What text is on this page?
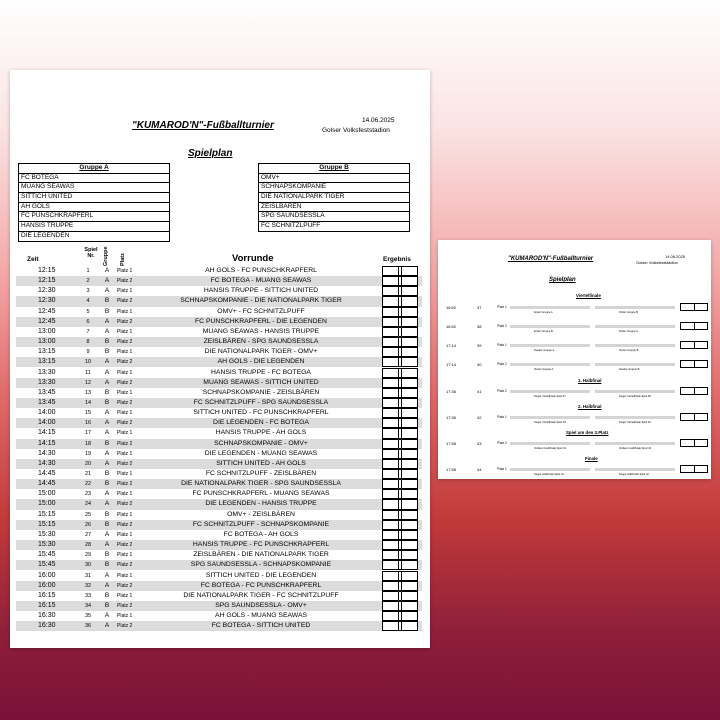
"KUMAROD'N"-Fußballturnier	14.06.2025
Golser Volksfeststadion
Spielplan
Gruppe A
FC BOTEGA
MUANG SEAWAS
SITTICH UNITED
AH GOLS
FC PUNSCHKRAPFERL
HANSIS TRUPPE
DIE LEGENDEN
Gruppe B
OMV+
SCHNAPSKOMPANIE
DIE NATIONALPARK TIGER
ZEISLBÄREN
SPG SAUNDSESSLA
FC SCHNITZLPUFF
Zeit
Spiel Nr.	Gruppe Platz	Vorrunde	Ergebnis
12:15	1	A	Platz 1	AH GOLS - FC PUNSCHKRAPFERL
12:15	2	A	Platz 2	FC BOTEGA - MUANG SEAWAS
12:30	3	A	Platz 1	HANSIS TRUPPE - SITTICH UNITED
12:30	4	B	Platz 2	SCHNAPSKOMPANIE - DIE NATIONALPARK TIGER
12:45	5	B	Platz 1	OMV+ - FC SCHNITZLPUFF
12:45	6	A	Platz 2	FC PUNSCHKRAPFERL - DIE LEGENDEN
13:00	7	A	Platz 1	MUANG SEAWAS - HANSIS TRUPPE
13:00	8	B	Platz 2	ZEISLBÄREN - SPG SAUNDSESSLA
13:15	9	B	Platz 1	DIE NATIONALPARK TIGER - OMV+
13:15	10	A	Platz 2	AH GOLS - DIE LEGENDEN
13:30	11	A	Platz 1	HANSIS TRUPPE - FC BOTEGA
13:30	12	A	Platz 2	MUANG SEAWAS - SITTICH UNITED
13:45	13	B	Platz 1	SCHNAPSKOMPANIE - ZEISLBÄREN
13:45	14	B	Platz 2	FC SCHNITZLPUFF - SPG SAUNDSESSLA
14:00	15	A	Platz 1	SITTICH UNITED - FC PUNSCHKRAPFERL
14:00	16	A	Platz 2	DIE LEGENDEN - FC BOTEGA
14:15	17	A	Platz 1	HANSIS TRUPPE - AH GOLS
14:15	18	B	Platz 2	SCHNAPSKOMPANIE - OMV+
14:30	19	A	Platz 1	DIE LEGENDEN - MUANG SEAWAS
14:30	20	A	Platz 2	SITTICH UNITED - AH GOLS
14:45	21	B	Platz 1	FC SCHNITZLPUFF - ZEISLBÄREN
14:45	22	B	Platz 2	DIE NATIONALPARK TIGER - SPG SAUNDSESSLA
15:00	23	A	Platz 1	FC PUNSCHKRAPFERL - MUANG SEAWAS
15:00	24	A	Platz 2	DIE LEGENDEN - HANSIS TRUPPE
15:15	25	B	Platz 1	OMV+ - ZEISLBÄREN
15:15	26	B	Platz 2	FC SCHNITZLPUFF - SCHNAPSKOMPANIE
15:30	27	A	Platz 1	FC BOTEGA - AH GOLS
15:30	28	A	Platz 2	HANSIS TRUPPE - FC PUNSCHKRAPFERL
15:45	29	B	Platz 1	ZEISLBÄREN - DIE NATIONALPARK TIGER
15:45	30	B	Platz 2	SPG SAUNDSESSLA - SCHNAPSKOMPANIE
16:00	31	A	Platz 1	SITTICH UNITED - DIE LEGENDEN
16:00	32	A	Platz 2	FC BOTEGA - FC PUNSCHKRAPFERL
16:15	33	B	Platz 1	DIE NATIONALPARK TIGER - FC SCHNITZLPUFF
16:15	34	B	Platz 2	SPG SAUNDSESSLA - OMV+
16:30	35	A	Platz 1	AH GOLS - MUANG SEAWAS
16:30	36	A	Platz 2	FC BOTEGA - SITTICH UNITED
"KUMAROD'N"-Fußballturnier	14.06.2025
Golser Volksfeststadion
Spielplan
Viertelfinale
1. Halbfinal
2. Halbfinal
Spiel um den 3.Platz
Finale
16:52	37	Platz 1
Erster Gruppe A	Dritter Gruppe B
16:52	38	Platz 2
Erster Gruppe B	Dritter Gruppe A
17:14	39	Platz 1
Zweiter Gruppe A	Vierter Gruppe B
17:14	40	Platz 2
Vierter Gruppe A	Zweiter Gruppe B
17:36	41	Platz 2
Sieger Viertelfinale Spiel 37	Sieger Viertelfinale Spiel 38
17:36	42	Platz 1
Sieger Viertelfinale Spiel 39	Sieger Viertelfinale Spiel 40
17:58	43	Platz 2
Verlierer Halbfinale Spiel 41	Verlierer Halbfinale Spiel 42
17:58	44	Platz 1
Sieger Halbfinale Spiel 41	Sieger Halbfinale Spiel 42
